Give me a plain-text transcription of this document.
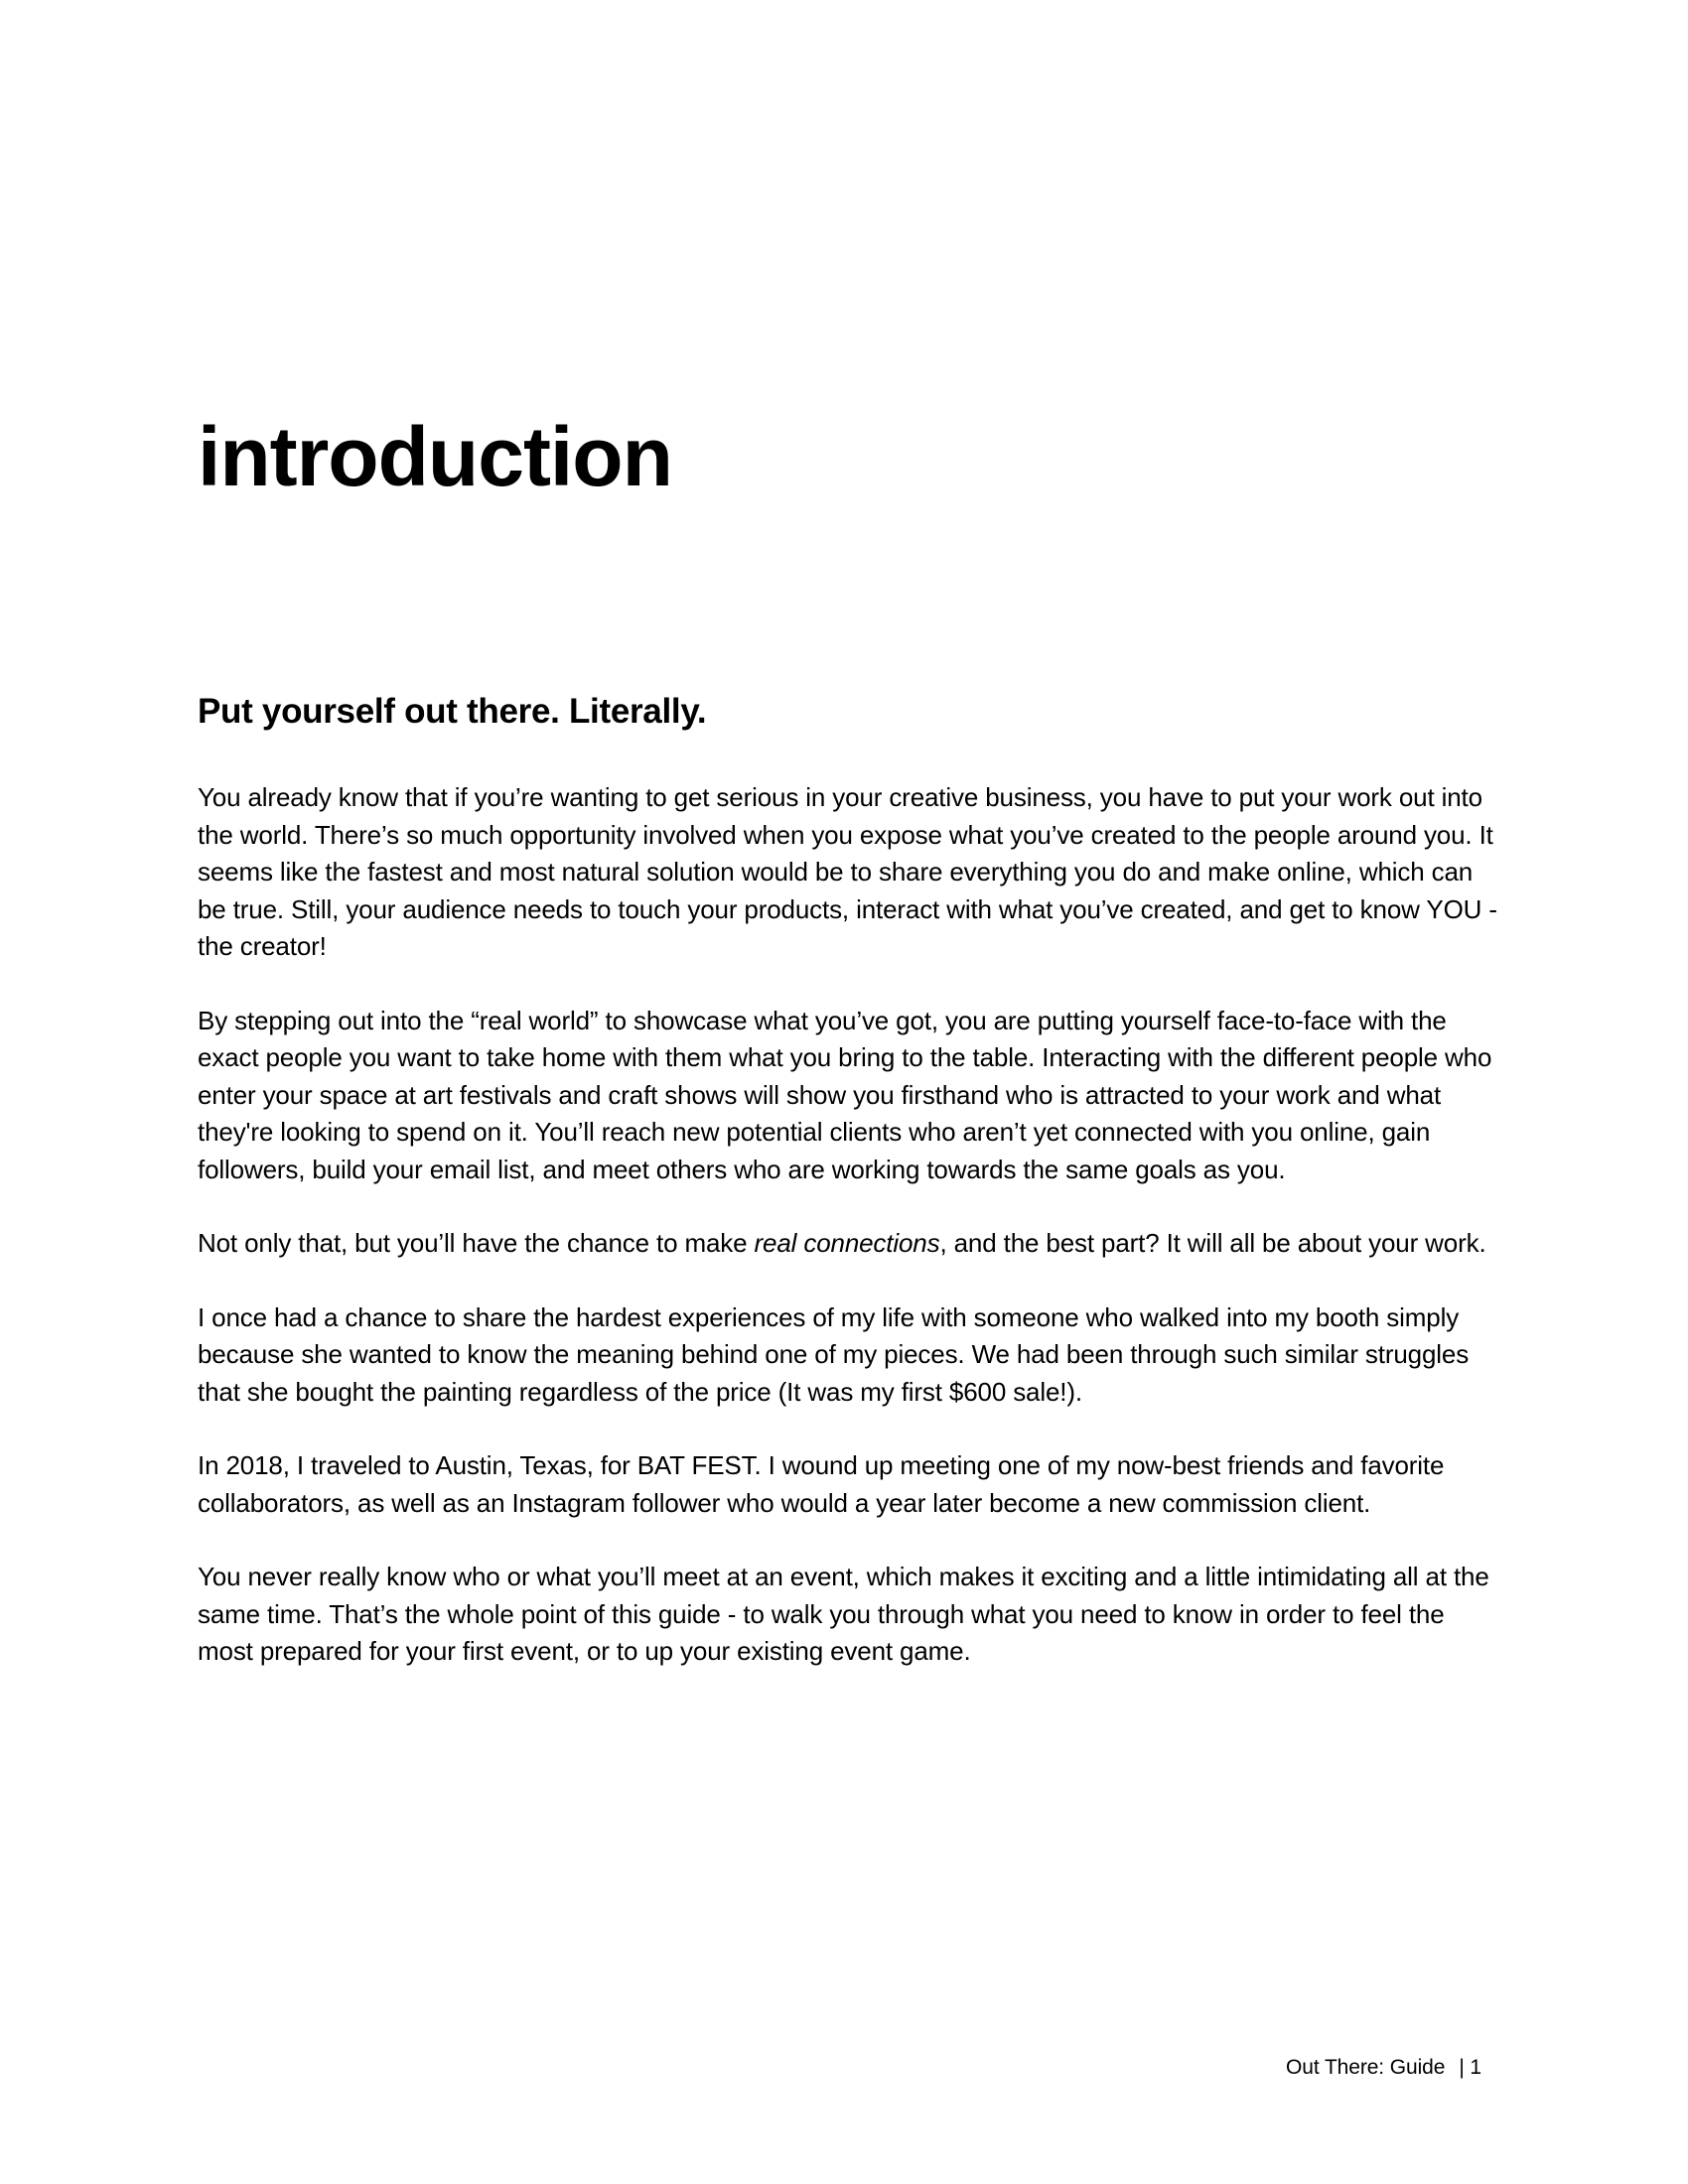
introduction
Put yourself out there. Literally.

You already know that if you’re wanting to get serious in your creative business, you have to put your work out into the world. There’s so much opportunity involved when you expose what you’ve created to the people around you. It seems like the fastest and most natural solution would be to share everything you do and make online, which can be true. Still, your audience needs to touch your products, interact with what you’ve created, and get to know YOU - the creator!

By stepping out into the “real world” to showcase what you’ve got, you are putting yourself face-to-face with the exact people you want to take home with them what you bring to the table. Interacting with the different people who enter your space at art festivals and craft shows will show you firsthand who is attracted to your work and what they're looking to spend on it. You’ll reach new potential clients who aren’t yet connected with you online, gain followers, build your email list, and meet others who are working towards the same goals as you.

Not only that, but you’ll have the chance to make real connections, and the best part? It will all be about your work.

I once had a chance to share the hardest experiences of my life with someone who walked into my booth simply because she wanted to know the meaning behind one of my pieces. We had been through such similar struggles that she bought the painting regardless of the price (It was my first $600 sale!).

In 2018, I traveled to Austin, Texas, for BAT FEST. I wound up meeting one of my now-best friends and favorite collaborators, as well as an Instagram follower who would a year later become a new commission client.

You never really know who or what you’ll meet at an event, which makes it exciting and a little intimidating all at the same time. That’s the whole point of this guide - to walk you through what you need to know in order to feel the most prepared for your first event, or to up your existing event game.

Out There: Guide | 1
